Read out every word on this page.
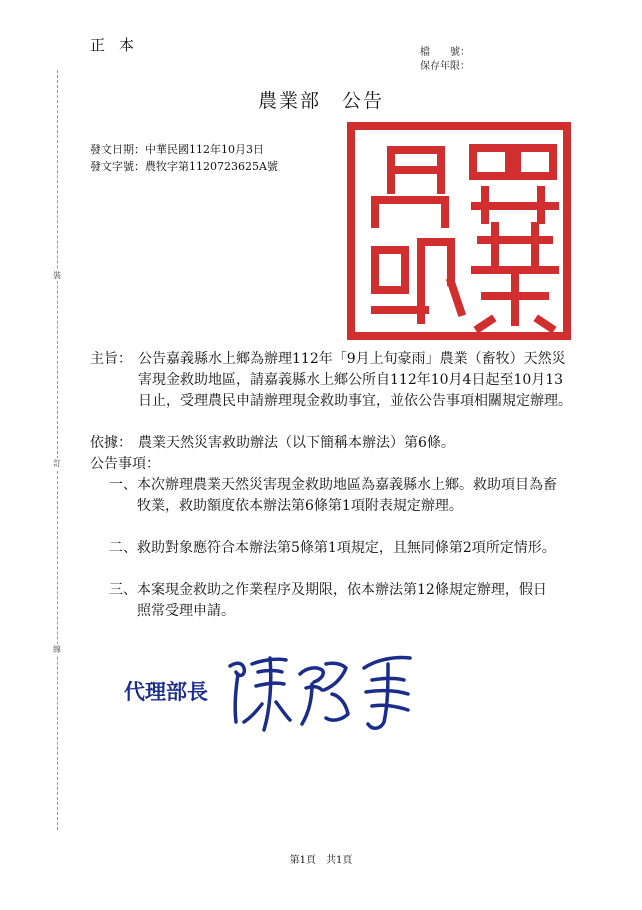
正本	檔　　號：
保存年限：
農業部　公告
發文日期：中華民國112年10月3日
發文字號：農牧字第1120723625A號
裝
訂
線
主旨： 公告嘉義縣水上鄉為辦理112年「9月上旬豪雨」農業（畜牧）天然災害現金救助地區，請嘉義縣水上鄉公所自112年10月4日起至10月13日止，受理農民申請辦理現金救助事宜，並依公告事項相關規定辦理。
依據： 農業天然災害救助辦法（以下簡稱本辦法）第6條。
公告事項：
一、 本次辦理農業天然災害現金救助地區為嘉義縣水上鄉。救助項目為畜牧業，救助額度依本辦法第6條第1項附表規定辦理。
二、 救助對象應符合本辦法第5條第1項規定，且無同條第2項所定情形。
三、 本案現金救助之作業程序及期限，依本辦法第12條規定辦理，假日照常受理申請。
代理部長
第1頁　共1頁
